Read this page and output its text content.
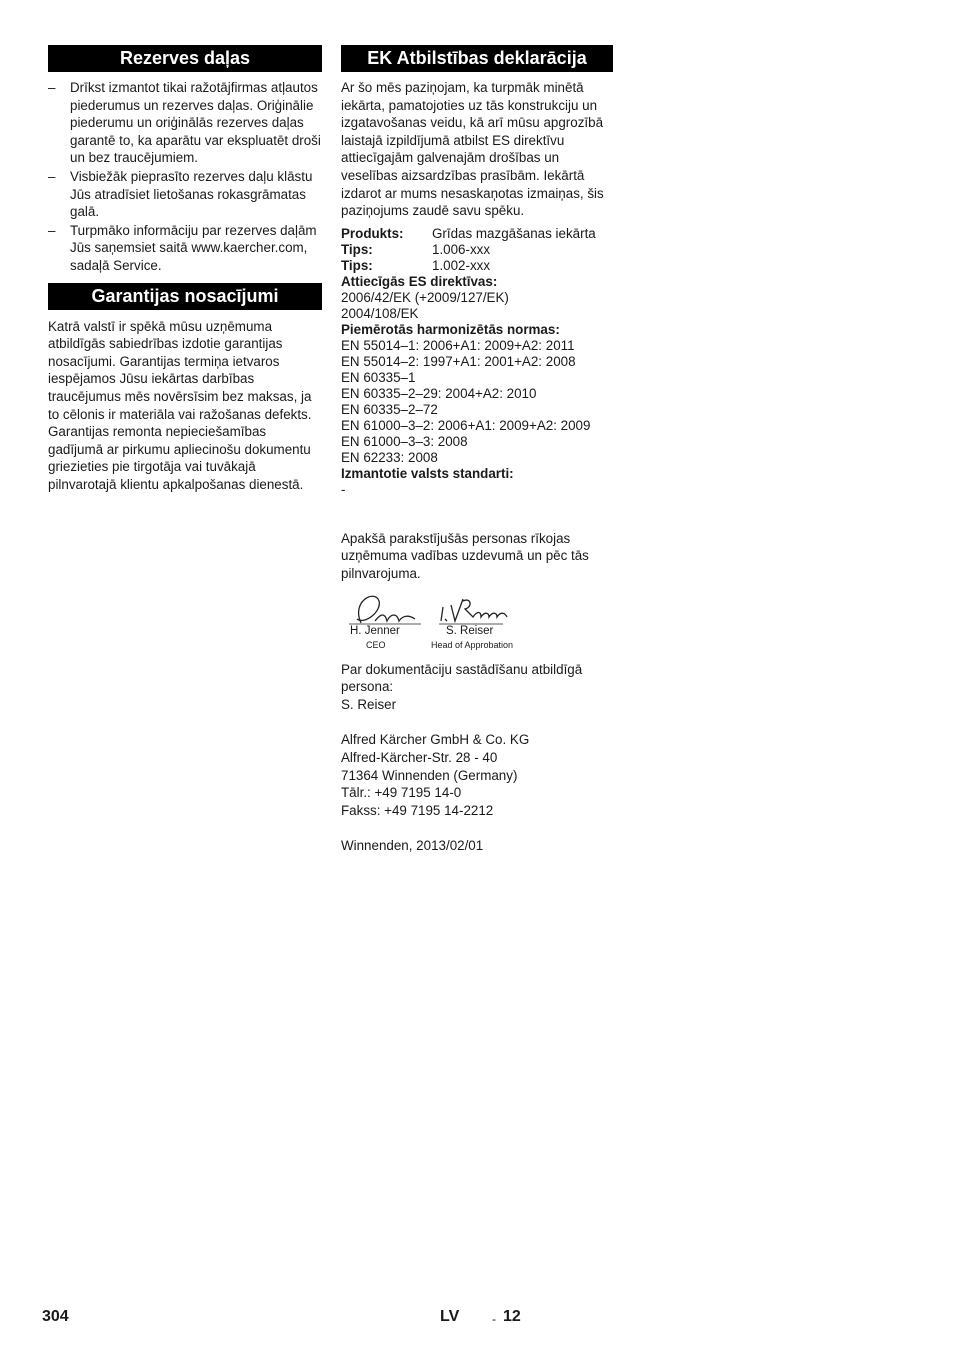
Rezerves daļas
– Drīkst izmantot tikai ražotājfirmas atļautos piederumus un rezerves daļas. Oriģinālie piederumu un oriģinālās rezerves daļas garantē to, ka aparātu var ekspluatēt droši un bez traucējumiem.
– Visbiežāk pieprasīto rezerves daļu klāstu Jūs atradīsiet lietošanas rokasgrāmatas galā.
– Turpmāko informāciju par rezerves daļām Jūs saņemsiet saitā www.kaercher.com, sadaļā Service.
Garantijas nosacījumi

Katrā valstī ir spēkā mūsu uzņēmuma atbildīgās sabiedrības izdotie garantijas nosacījumi. Garantijas termiņa ietvaros iespējamos Jūsu iekārtas darbības traucējumus mēs novērsīsim bez maksas, ja to cēlonis ir materiāla vai ražošanas defekts. Garantijas remonta nepieciešamības gadījumā ar pirkumu apliecinošu dokumentu griezieties pie tirgotāja vai tuvākajā pilnvarotajā klientu apkalpošanas dienestā.

EK Atbilstības deklarācija

Ar šo mēs paziņojam, ka turpmāk minētā iekārta, pamatojoties uz tās konstrukciju un izgatavošanas veidu, kā arī mūsu apgrozībā laistajā izpildījumā atbilst ES direktīvu attiecīgajām galvenajām drošības un veselības aizsardzības prasībām. Iekārtā izdarot ar mums nesaskaņotas izmaiņas, šis paziņojums zaudē savu spēku.

Produkts:	Grīdas mazgāšanas iekārta
Tips:	1.006-xxx
Tips:	1.002-xxx
Attiecīgās ES direktīvas:
2006/42/EK (+2009/127/EK)
2004/108/EK
Piemērotās harmonizētās normas:
EN 55014–1: 2006+A1: 2009+A2: 2011
EN 55014–2: 1997+A1: 2001+A2: 2008
EN 60335–1
EN 60335–2–29: 2004+A2: 2010
EN 60335–2–72
EN 61000–3–2: 2006+A1: 2009+A2: 2009
EN 61000–3–3: 2008
EN 62233: 2008
Izmantotie valsts standarti:
-

Apakšā parakstījušās personas rīkojas uzņēmuma vadības uzdevumā un pēc tās pilnvarojuma.

H. Jenner
CEO
S. Reiser
Head of Approbation

Par dokumentāciju sastādīšanu atbildīgā persona:

S. Reiser

Alfred Kärcher GmbH & Co. KG

Alfred-Kärcher-Str. 28 - 40

71364 Winnenden (Germany)

Tālr.: +49 7195 14-0

Fakss: +49 7195 14-2212

Winnenden, 2013/02/01

304	LV	- 12
